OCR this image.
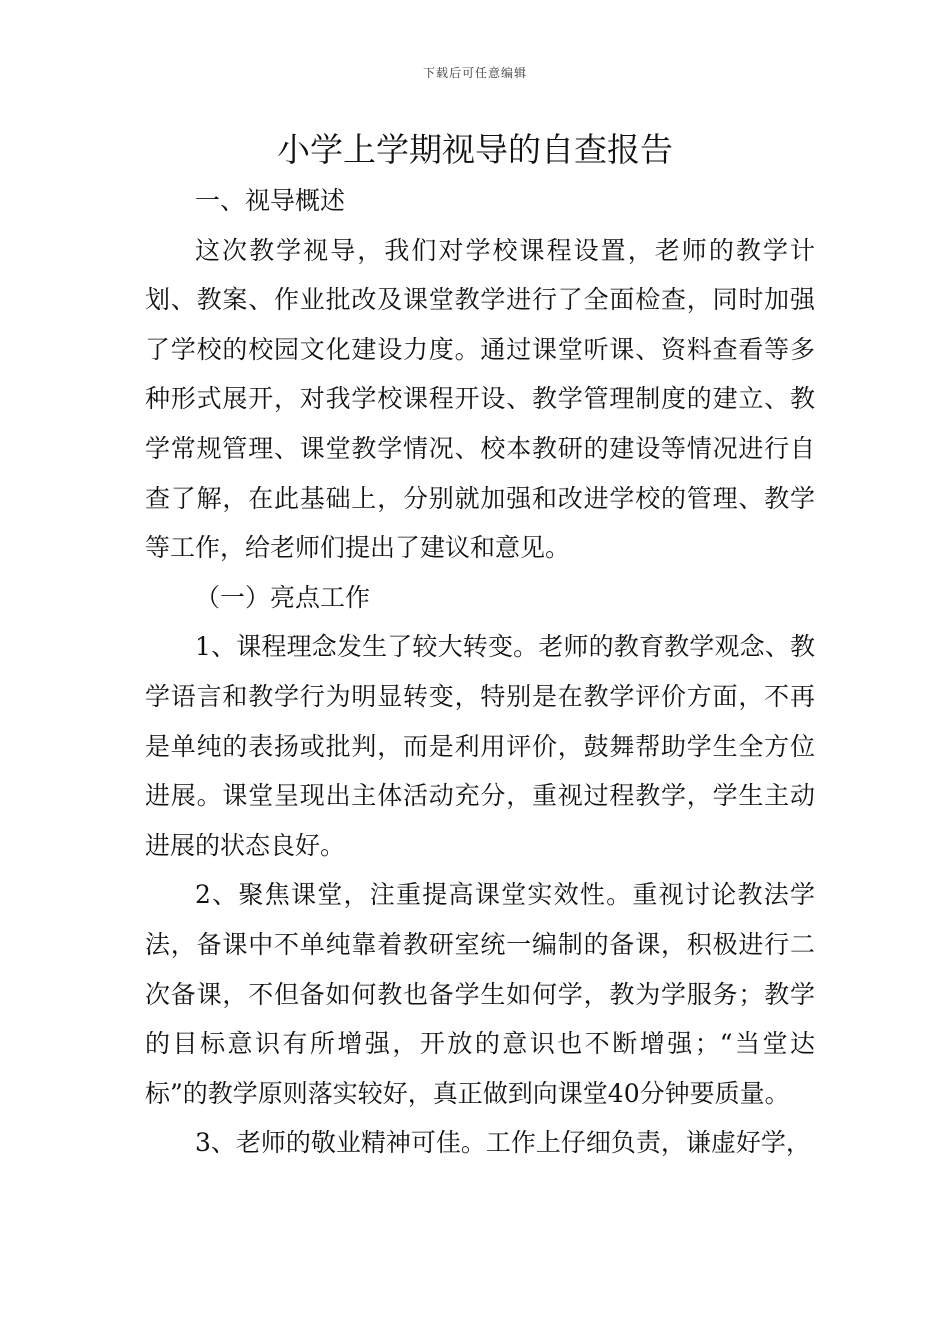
下载后可任意编辑
小学上学期视导的自查报告

一、视导概述

这次教学视导，我们对学校课程设置，老师的教学计划、教案、作业批改及课堂教学进行了全面检查，同时加强了学校的校园文化建设力度。通过课堂听课、资料查看等多种形式展开，对我学校课程开设、教学管理制度的建立、教学常规管理、课堂教学情况、校本教研的建设等情况进行自查了解，在此基础上，分别就加强和改进学校的管理、教学等工作，给老师们提出了建议和意见。

（一）亮点工作

1、课程理念发生了较大转变。老师的教育教学观念、教学语言和教学行为明显转变，特别是在教学评价方面，不再是单纯的表扬或批判，而是利用评价，鼓舞帮助学生全方位进展。课堂呈现出主体活动充分，重视过程教学，学生主动进展的状态良好。

2、聚焦课堂，注重提高课堂实效性。重视讨论教法学法，备课中不单纯靠着教研室统一编制的备课，积极进行二次备课，不但备如何教也备学生如何学，教为学服务；教学的目标意识有所增强，开放的意识也不断增强；“当堂达标”的教学原则落实较好，真正做到向课堂40分钟要质量。

3、老师的敬业精神可佳。工作上仔细负责，谦虚好学，
